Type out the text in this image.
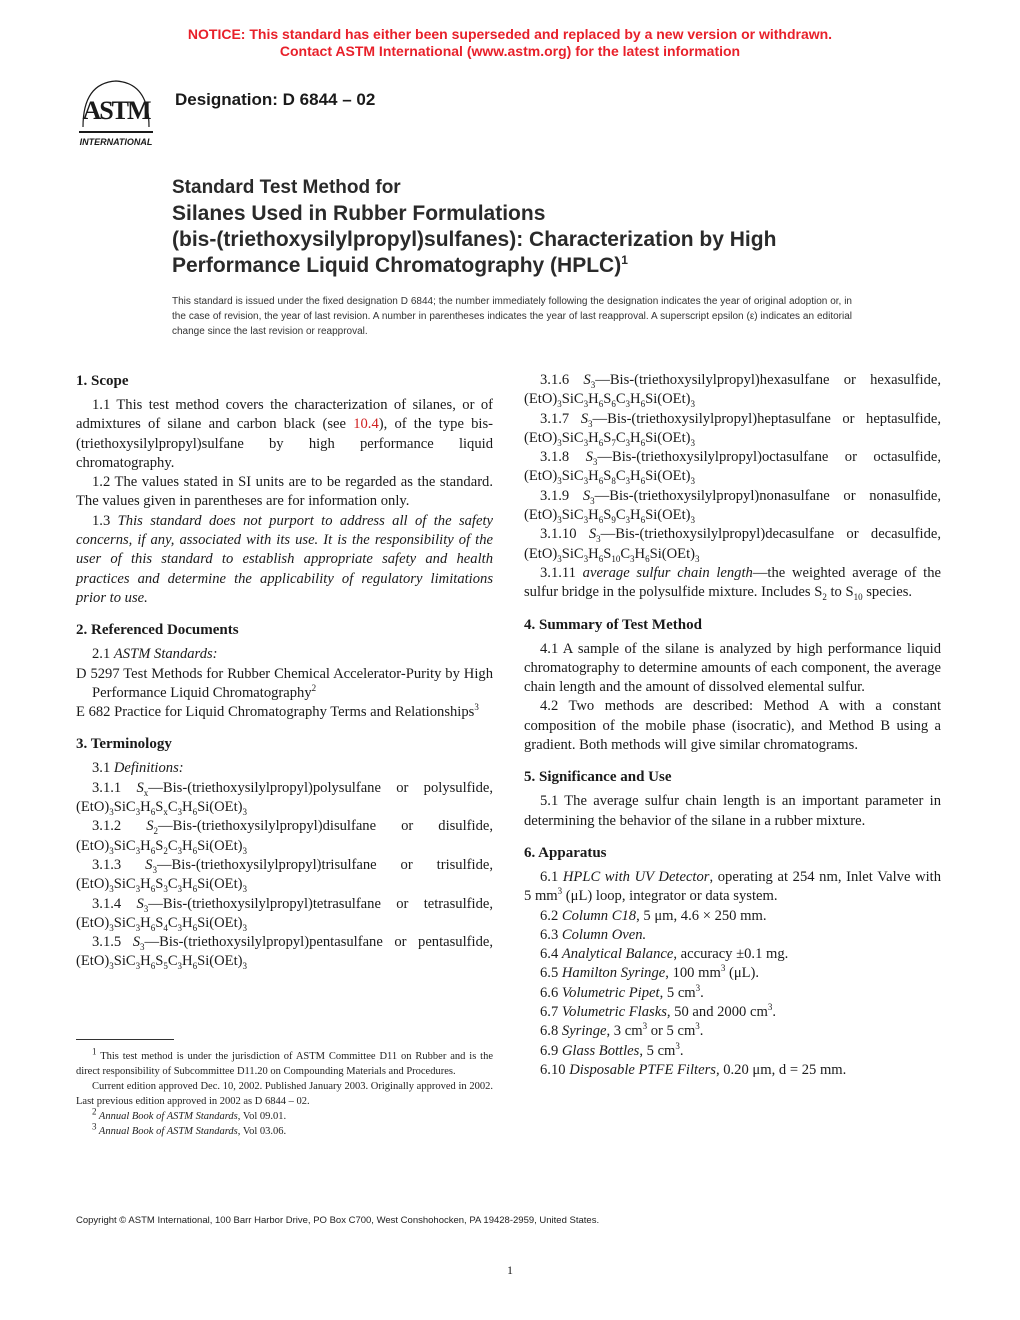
NOTICE: This standard has either been superseded and replaced by a new version or withdrawn.
Contact ASTM International (www.astm.org) for the latest information
ASTM
INTERNATIONAL
Designation: D 6844 – 02
Standard Test Method for
Silanes Used in Rubber Formulations
(bis-(triethoxysilylpropyl)sulfanes): Characterization by High
Performance Liquid Chromatography (HPLC)$^1$
This standard is issued under the fixed designation D 6844; the number immediately following the designation indicates the year of original adoption or, in the case of revision, the year of last revision. A number in parentheses indicates the year of last reapproval. A superscript epsilon (ε) indicates an editorial change since the last revision or reapproval.
1. Scope

1.1 This test method covers the characterization of silanes, or of admixtures of silane and carbon black (see 10.4), of the type bis-(triethoxysilylpropyl)sulfane by high performance liquid chromatography.

1.2 The values stated in SI units are to be regarded as the standard. The values given in parentheses are for information only.

1.3 This standard does not purport to address all of the safety concerns, if any, associated with its use. It is the responsibility of the user of this standard to establish appropriate safety and health practices and determine the applicability of regulatory limitations prior to use.

2. Referenced Documents

2.1 ASTM Standards:

D 5297 Test Methods for Rubber Chemical Accelerator-Purity by High Performance Liquid Chromatography$^2$

E 682 Practice for Liquid Chromatography Terms and Relationships$^3$

3. Terminology

3.1 Definitions:

3.1.1 $S_x—Bis-(triethoxysilylpropyl)polysulfane$ or polysulfide, $(EtO)_3SiC_3H_6S_xC_3H_6Si(OEt)_3$

3.1.2 $S_2—Bis-(triethoxysilylpropyl)disulfane$ or disulfide, $(EtO)_3SiC_3H_6S_2C_3H_6Si(OEt)_3$

3.1.3 $S_3—Bis-(triethoxysilylpropyl)trisulfane$ or trisulfide, $(EtO)_3SiC_3H_6S_3C_3H_6Si(OEt)_3$

3.1.4 $S_3—Bis-(triethoxysilylpropyl)tetrasulfane$ or tetrasulfide, $(EtO)_3SiC_3H_6S_4C_3H_6Si(OEt)_3$

3.1.5 $S_3—Bis-(triethoxysilylpropyl)pentasulfane$ or pentasulfide, $(EtO)_3SiC_3H_6S_5C_3H_6Si(OEt)_3$

3.1.6 $S_3—Bis-(triethoxysilylpropyl)hexasulfane$ or hexasulfide, $(EtO)_3SiC_3H_6S_6C_3H_6Si(OEt)_3$

3.1.7 $S_3—Bis-(triethoxysilylpropyl)heptasulfane$ or heptasulfide, $(EtO)_3SiC_3H_6S_7C_3H_6Si(OEt)_3$

3.1.8 $S_3—Bis-(triethoxysilylpropyl)octasulfane$ or octasulfide, $(EtO)_3SiC_3H_6S_8C_3H_6Si(OEt)_3$

3.1.9 $S_3—Bis-(triethoxysilylpropyl)nonasulfane$ or nonasulfide, $(EtO)_3SiC_3H_6S_9C_3H_6Si(OEt)_3$

3.1.10 $S_3—Bis-(triethoxysilylpropyl)decasulfane$ or decasulfide, $(EtO)_3SiC_3H_6S_{10}C_3H_6Si(OEt)_3$

3.1.11 average sulfur chain length—the weighted average of the sulfur bridge in the polysulfide mixture. Includes $S_2$ to $S_{10}$ species.

4. Summary of Test Method

4.1 A sample of the silane is analyzed by high performance liquid chromatography to determine amounts of each component, the average chain length and the amount of dissolved elemental sulfur.

4.2 Two methods are described: Method A with a constant composition of the mobile phase (isocratic), and Method B using a gradient. Both methods will give similar chromatograms.

5. Significance and Use

5.1 The average sulfur chain length is an important parameter in determining the behavior of the silane in a rubber mixture.

6. Apparatus

6.1 HPLC with UV Detector, operating at 254 nm, Inlet Valve with 5 $mm^3$ (μL) loop, integrator or data system.

6.2 Column C18, 5 μm, 4.6 × 250 mm.

6.3 Column Oven.

6.4 Analytical Balance, accuracy ±0.1 mg.

6.5 Hamilton Syringe, 100 $mm^3$ (μL).

6.6 Volumetric Pipet, 5 $cm^3$.

6.7 Volumetric Flasks, 50 and 2000 $cm^3$.

6.8 Syringe, 3 $cm^3$ or 5 $cm^3$.

6.9 Glass Bottles, 5 $cm^3$.

6.10 Disposable PTFE Filters, 0.20 μm, d = 25 mm.

$^1$ This test method is under the jurisdiction of ASTM Committee D11 on Rubber and is the direct responsibility of Subcommittee D11.20 on Compounding Materials and Procedures.

Current edition approved Dec. 10, 2002. Published January 2003. Originally approved in 2002. Last previous edition approved in 2002 as D 6844 – 02.

$^2$ Annual Book of ASTM Standards, Vol 09.01.

$^3$ Annual Book of ASTM Standards, Vol 03.06.

Copyright © ASTM International, 100 Barr Harbor Drive, PO Box C700, West Conshohocken, PA 19428-2959, United States.
1
